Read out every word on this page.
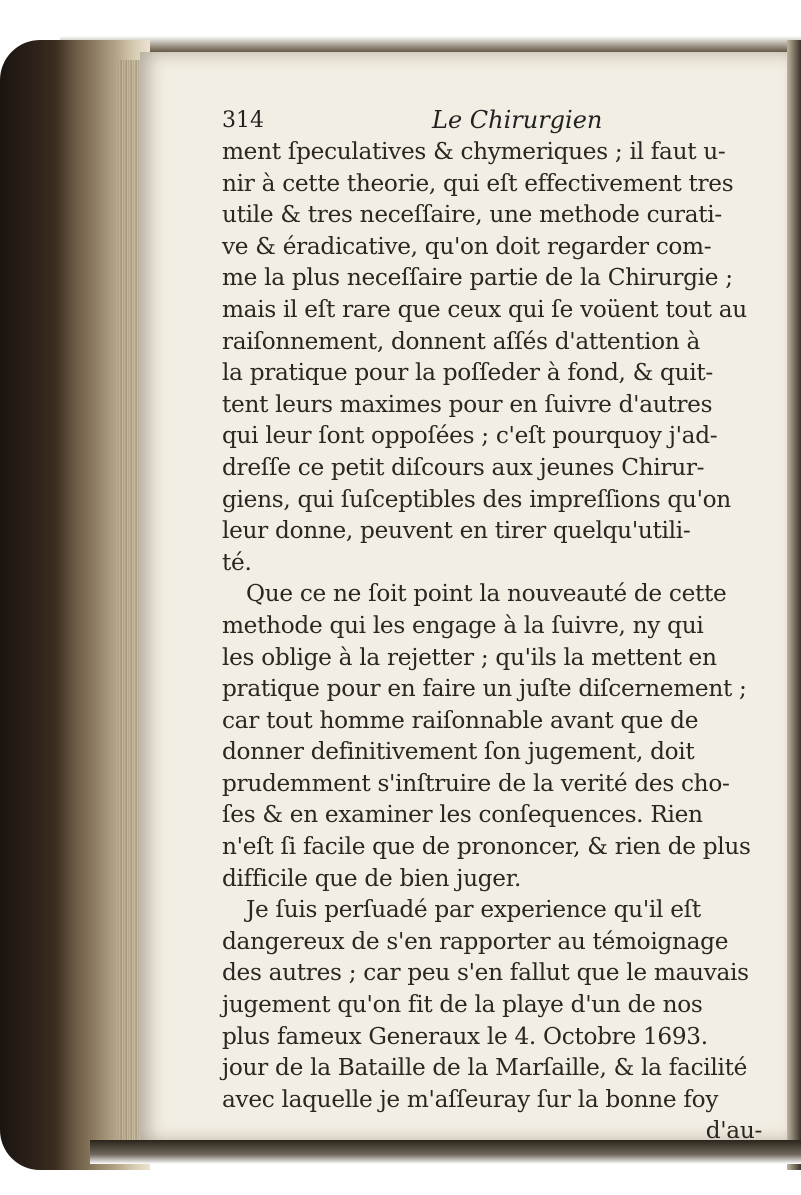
314	Le Chirurgien
ment ſpeculatives & chymeriques ; il faut u-
nir à cette theorie, qui eſt effectivement tres
utile & tres neceſſaire, une methode curati-
ve & éradicative, qu'on doit regarder com-
me la plus neceſſaire partie de la Chirurgie ;
mais il eſt rare que ceux qui ſe voüent tout au
raiſonnement, donnent aſſés d'attention à
la pratique pour la poſſeder à fond, & quit-
tent leurs maximes pour en ſuivre d'autres
qui leur ſont oppoſées ; c'eſt pourquoy j'ad-
dreſſe ce petit diſcours aux jeunes Chirur-
giens, qui ſuſceptibles des impreſſions qu'on
leur donne, peuvent en tirer quelqu'utili-
té.
Que ce ne ſoit point la nouveauté de cette
methode qui les engage à la ſuivre, ny qui
les oblige à la rejetter ; qu'ils la mettent en
pratique pour en faire un juſte diſcernement ;
car tout homme raiſonnable avant que de
donner definitivement ſon jugement, doit
prudemment s'inſtruire de la verité des cho-
ſes & en examiner les conſequences. Rien
n'eſt ſi facile que de prononcer, & rien de plus
difficile que de bien juger.
Je ſuis perſuadé par experience qu'il eſt
dangereux de s'en rapporter au témoignage
des autres ; car peu s'en fallut que le mauvais
jugement qu'on fit de la playe d'un de nos
plus fameux Generaux le 4. Octobre 1693.
jour de la Bataille de la Marſaille, & la facilité
avec laquelle je m'aſſeuray ſur la bonne foy
d'au-
